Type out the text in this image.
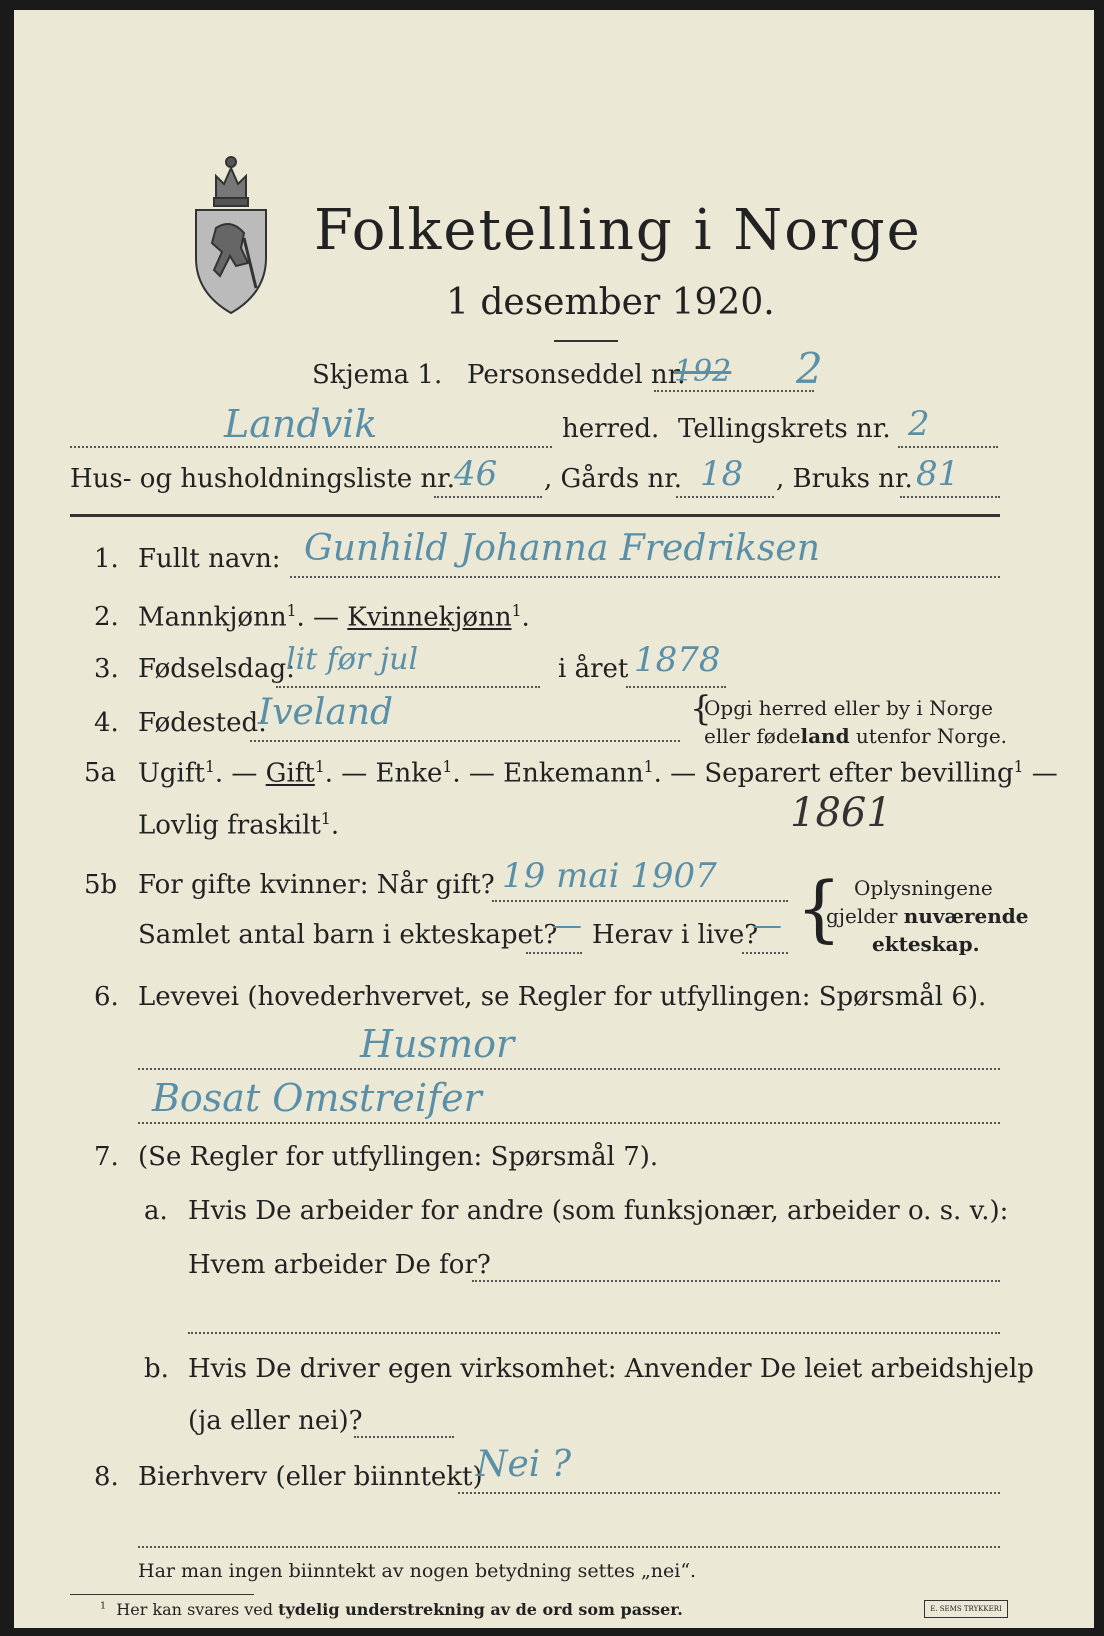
Folketelling i Norge
1 desember 1920.
Skjema 1. Personseddel nr.
192 2
Landvik	herred. Tellingskrets nr. 2
Hus- og husholdningsliste nr.
46 , Gårds nr. 18 , Bruks nr. 81
1. Fullt navn: Gunhild Johanna Fredriksen
2. Mannkjønn$^1$. — Kvinnekjønn$^1$.
3. Fødselsdag:
lit før jul	i året 1878
4. Fødested:
Iveland	{
Opgi herred eller by i Norge
eller fødeland utenfor Norge.
5a Ugift$^1$. — Gift$^1$. — Enke$^1$. — Enkemann$^1$. — Separert efter bevilling$^1$ —
Lovlig fraskilt$^1$.	1861
5b For gifte kvinner: Når gift? 19 mai 1907
Samlet antal barn i ekteskapet?
— Herav i live?
— { Oplysningene
gjelder nuværende
ekteskap.
6. Levevei (hovederhvervet, se Regler for utfyllingen: Spørsmål 6).
Husmor
Bosat Omstreifer
7. (Se Regler for utfyllingen: Spørsmål 7).
a. Hvis De arbeider for andre (som funksjonær, arbeider o. s. v.):
Hvem arbeider De for?
b. Hvis De driver egen virksomhet: Anvender De leiet arbeidshjelp
(ja eller nei)?
8. Bierhverv (eller biinntekt)
Nei ?
Har man ingen biinntekt av nogen betydning settes „nei“.
$^1$ Her kan svares ved tydelig understrekning av de ord som passer.	E. SEMS TRYKKERI
